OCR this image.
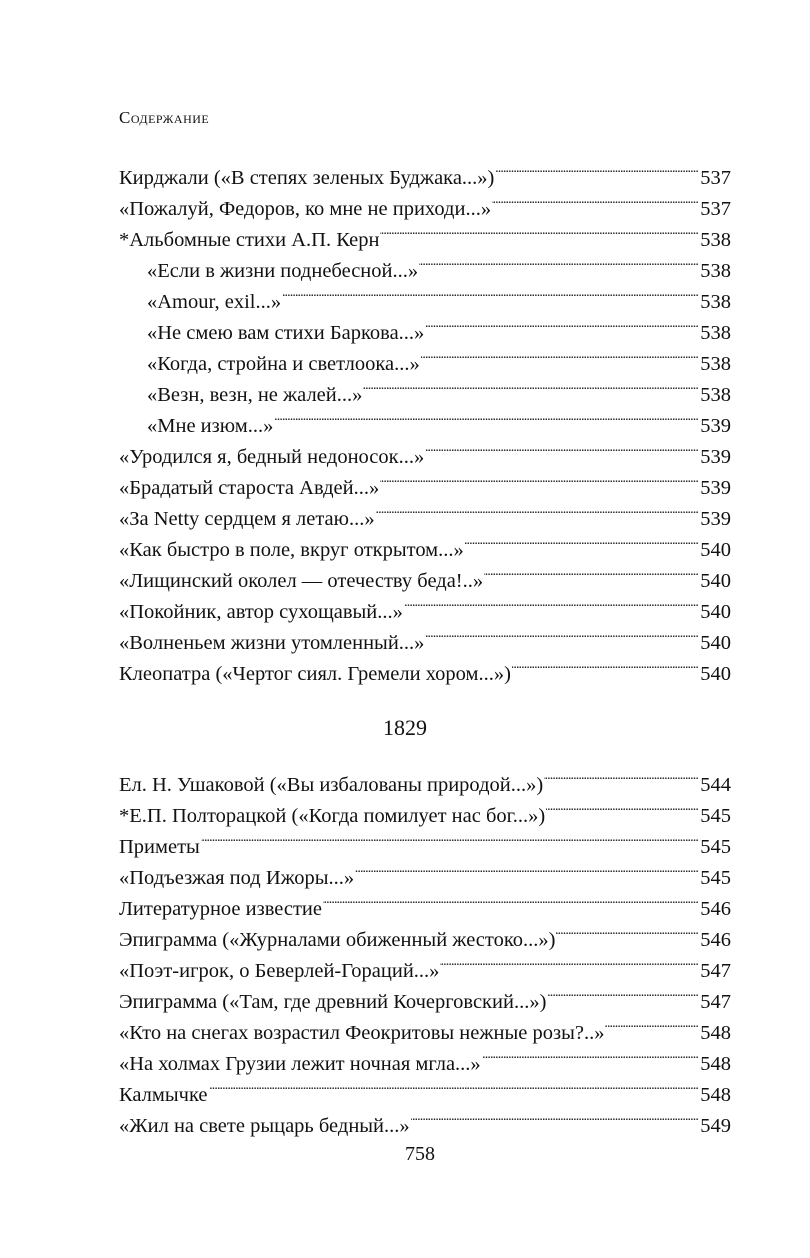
Содержание
Кирджали («В степях зеленых Буджака...») . . .	537
«Пожалуй, Федоров, ко мне не приходи...» . . .	537
*Альбомные стихи А.П. Керн . . .	538
«Если в жизни поднебесной...» . . .	538
«Amour, exil...» . . .	538
«Не смею вам стихи Баркова...» . . .	538
«Когда, стройна и светлоока...» . . .	538
«Везн, везн, не жалей...» . . .	538
«Мне изюм...» . . .	539
«Уродился я, бедный недоносок...» . . .	539
«Брадатый староста Авдей...» . . .	539
«За Netty сердцем я летаю...» . . .	539
«Как быстро в поле, вкруг открытом...» . . .	540
«Лищинский околел — отечеству беда!..» . . .	540
«Покойник, автор сухощавый...» . . .	540
«Волненьем жизни утомленный...» . . .	540
Клеопатра («Чертог сиял. Гремели хором...») . . .	540
1829
Ел. Н. Ушаковой («Вы избалованы природой...») . . .	544
*Е.П. Полторацкой («Когда помилует нас бог...») . . .	545
Приметы . . .	545
«Подъезжая под Ижоры...» . . .	545
Литературное известие . . .	546
Эпиграмма («Журналами обиженный жестоко...») . . .	546
«Поэт-игрок, о Беверлей-Гораций...» . . .	547
Эпиграмма («Там, где древний Кочерговский...») . . .	547
«Кто на снегах возрастил Феокритовы нежные розы?..» . . .	548
«На холмах Грузии лежит ночная мгла...» . . .	548
Калмычке . . .	548
«Жил на свете рыцарь бедный...» . . .	549
758
